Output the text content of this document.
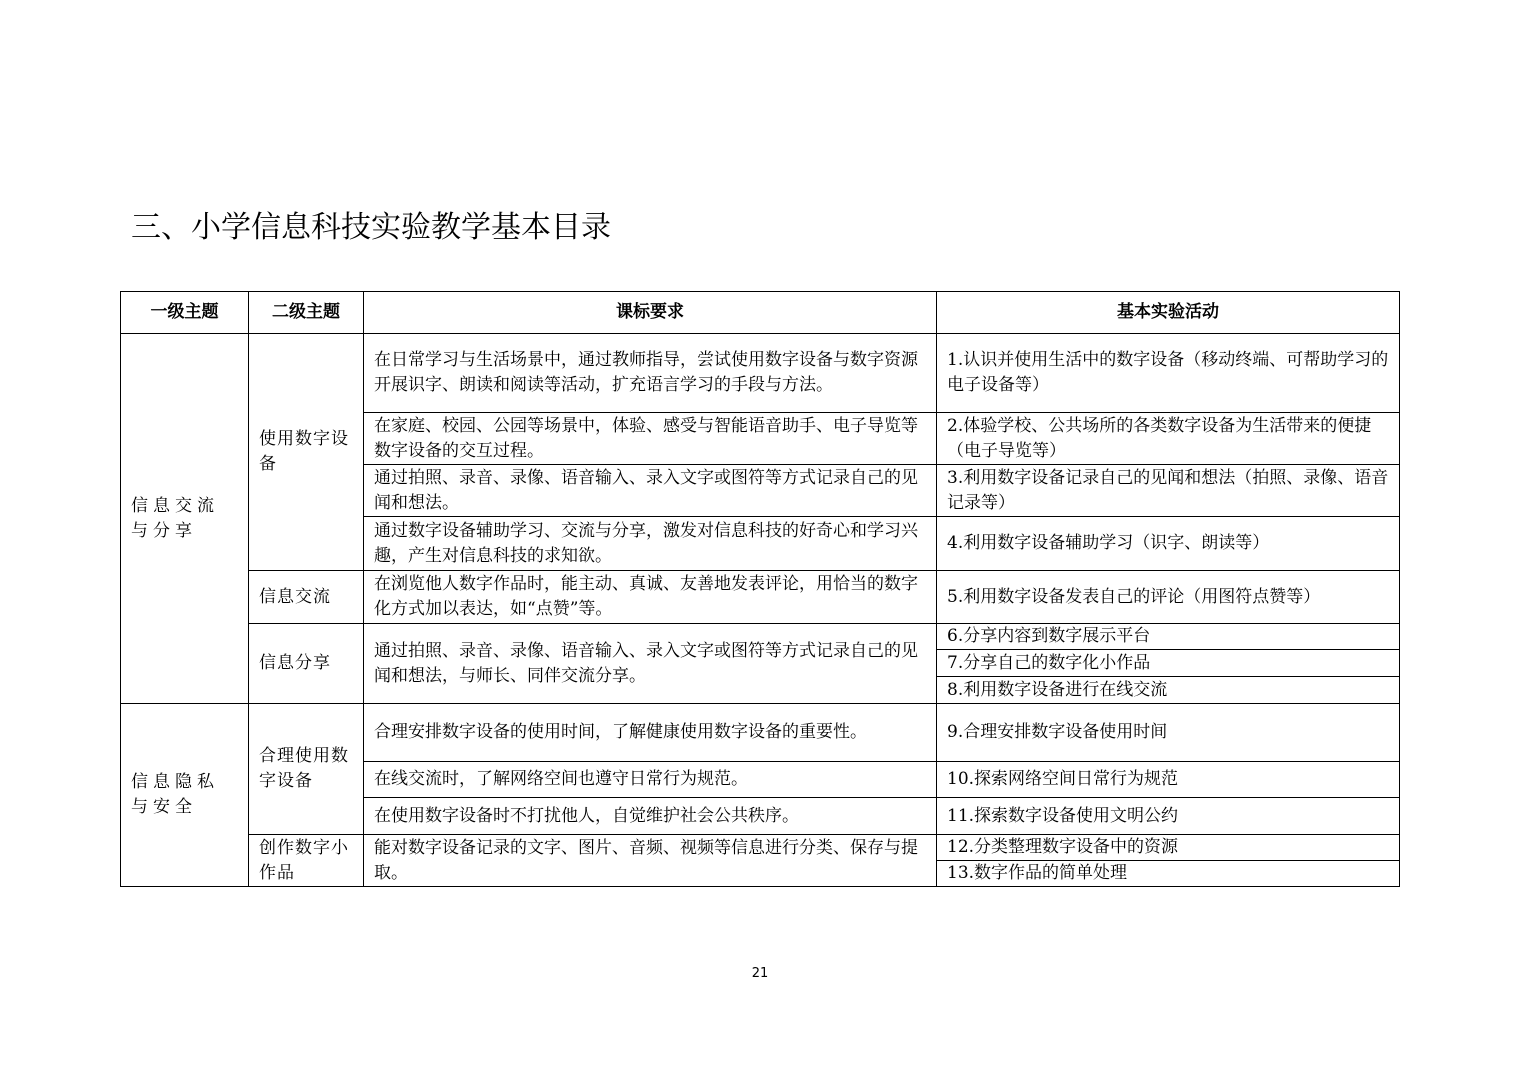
三、小学信息科技实验教学基本目录
一级主题	二级主题	课标要求	基本实验活动
信息交流与分享	使用数字设备	在日常学习与生活场景中，通过教师指导，尝试使用数字设备与数字资源开展识字、朗读和阅读等活动，扩充语言学习的手段与方法。	1.认识并使用生活中的数字设备（移动终端、可帮助学习的电子设备等）
		在家庭、校园、公园等场景中，体验、感受与智能语音助手、电子导览等数字设备的交互过程。	2.体验学校、公共场所的各类数字设备为生活带来的便捷（电子导览等）
		通过拍照、录音、录像、语音输入、录入文字或图符等方式记录自己的见闻和想法。	3.利用数字设备记录自己的见闻和想法（拍照、录像、语音记录等）
		通过数字设备辅助学习、交流与分享，激发对信息科技的好奇心和学习兴趣，产生对信息科技的求知欲。	4.利用数字设备辅助学习（识字、朗读等）
	信息交流	在浏览他人数字作品时，能主动、真诚、友善地发表评论，用恰当的数字化方式加以表达，如“点赞”等。	5.利用数字设备发表自己的评论（用图符点赞等）
	信息分享	通过拍照、录音、录像、语音输入、录入文字或图符等方式记录自己的见闻和想法，与师长、同伴交流分享。	6.分享内容到数字展示平台
			7.分享自己的数字化小作品
			8.利用数字设备进行在线交流
信息隐私与安全	合理使用数字设备	合理安排数字设备的使用时间，了解健康使用数字设备的重要性。	9.合理安排数字设备使用时间
		在线交流时，了解网络空间也遵守日常行为规范。	10.探索网络空间日常行为规范
		在使用数字设备时不打扰他人，自觉维护社会公共秩序。	11.探索数字设备使用文明公约
	创作数字小作品	能对数字设备记录的文字、图片、音频、视频等信息进行分类、保存与提取。	12.分类整理数字设备中的资源
			13.数字作品的简单处理
21
